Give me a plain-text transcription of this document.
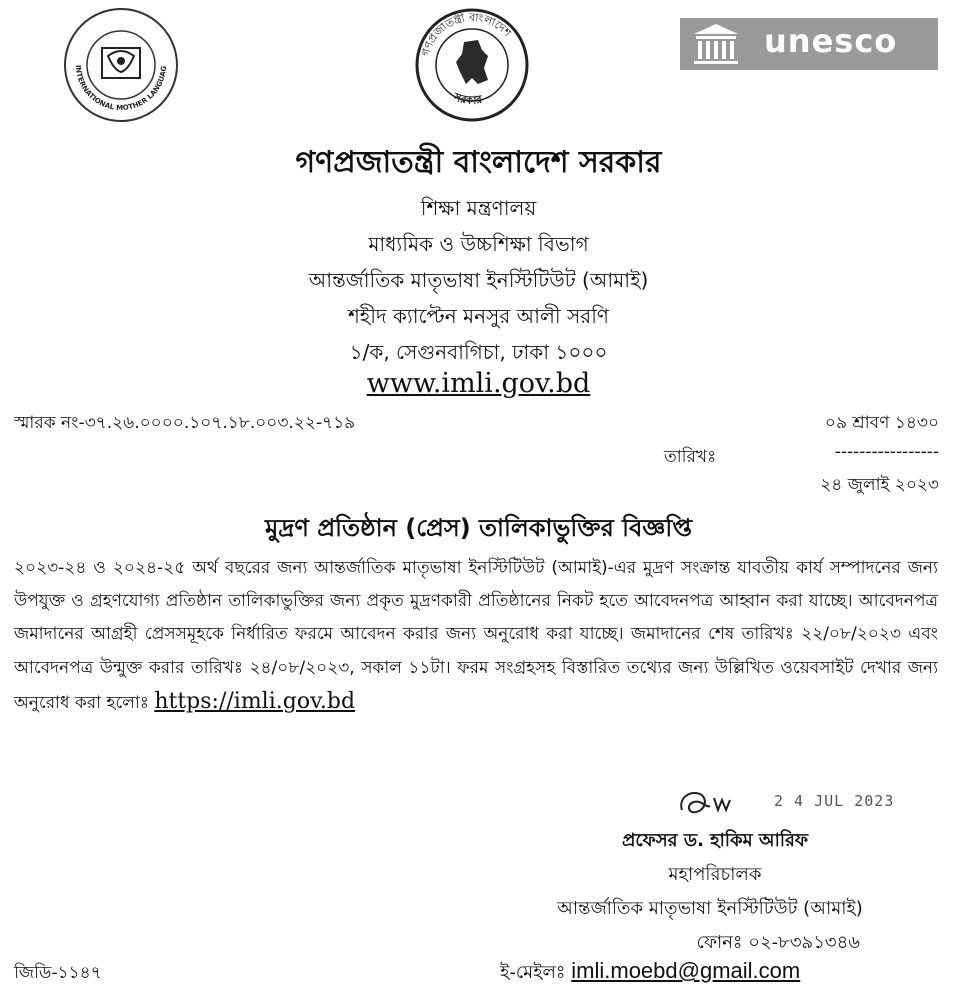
INTERNATIONAL MOTHER LANGUAG
গণপ্রজাতন্ত্রী বাংলাদেশ
সরকার
unesco
গণপ্রজাতন্ত্রী বাংলাদেশ সরকার
শিক্ষা মন্ত্রণালয়
মাধ্যমিক ও উচ্চশিক্ষা বিভাগ
আন্তর্জাতিক মাতৃভাষা ইনস্টিটিউট (আমাই)
শহীদ ক্যাপ্টেন মনসুর আলী সরণি
১/ক, সেগুনবাগিচা, ঢাকা ১০০০
www.imli.gov.bd
স্মারক নং-৩৭.২৬.০০০০.১০৭.১৮.০০৩.২২-৭১৯	০৯ শ্রাবণ ১৪৩০
তারিখঃ	-----------------
২৪ জুলাই ২০২৩
মুদ্রণ প্রতিষ্ঠান (প্রেস) তালিকাভুক্তির বিজ্ঞপ্তি
২০২৩-২৪ ও ২০২৪-২৫ অর্থ বছরের জন্য আন্তর্জাতিক মাতৃভাষা ইনস্টিটিউট (আমাই)-এর মুদ্রণ সংক্রান্ত যাবতীয় কার্য সম্পাদনের জন্য উপযুক্ত ও গ্রহণযোগ্য প্রতিষ্ঠান তালিকাভুক্তির জন্য প্রকৃত মুদ্রণকারী প্রতিষ্ঠানের নিকট হতে আবেদনপত্র আহ্বান করা যাচ্ছে। আবেদনপত্র জমাদানের আগ্রহী প্রেসসমূহকে নির্ধারিত ফরমে আবেদন করার জন্য অনুরোধ করা যাচ্ছে। জমাদানের শেষ তারিখঃ ২২/০৮/২০২৩ এবং আবেদনপত্র উন্মুক্ত করার তারিখঃ ২৪/০৮/২০২৩, সকাল ১১টা। ফরম সংগ্রহসহ বিস্তারিত তথ্যের জন্য উল্লিখিত ওয়েবসাইট দেখার জন্য অনুরোধ করা হলোঃ https://imli.gov.bd
2 4 JUL 2023
প্রফেসর ড. হাকিম আরিফ
মহাপরিচালক
আন্তর্জাতিক মাতৃভাষা ইনস্টিটিউট (আমাই)
ফোনঃ ০২-৮৩৯১৩৪৬
ই-মেইলঃ imli.moebd@gmail.com
জিডি-১১৪৭
